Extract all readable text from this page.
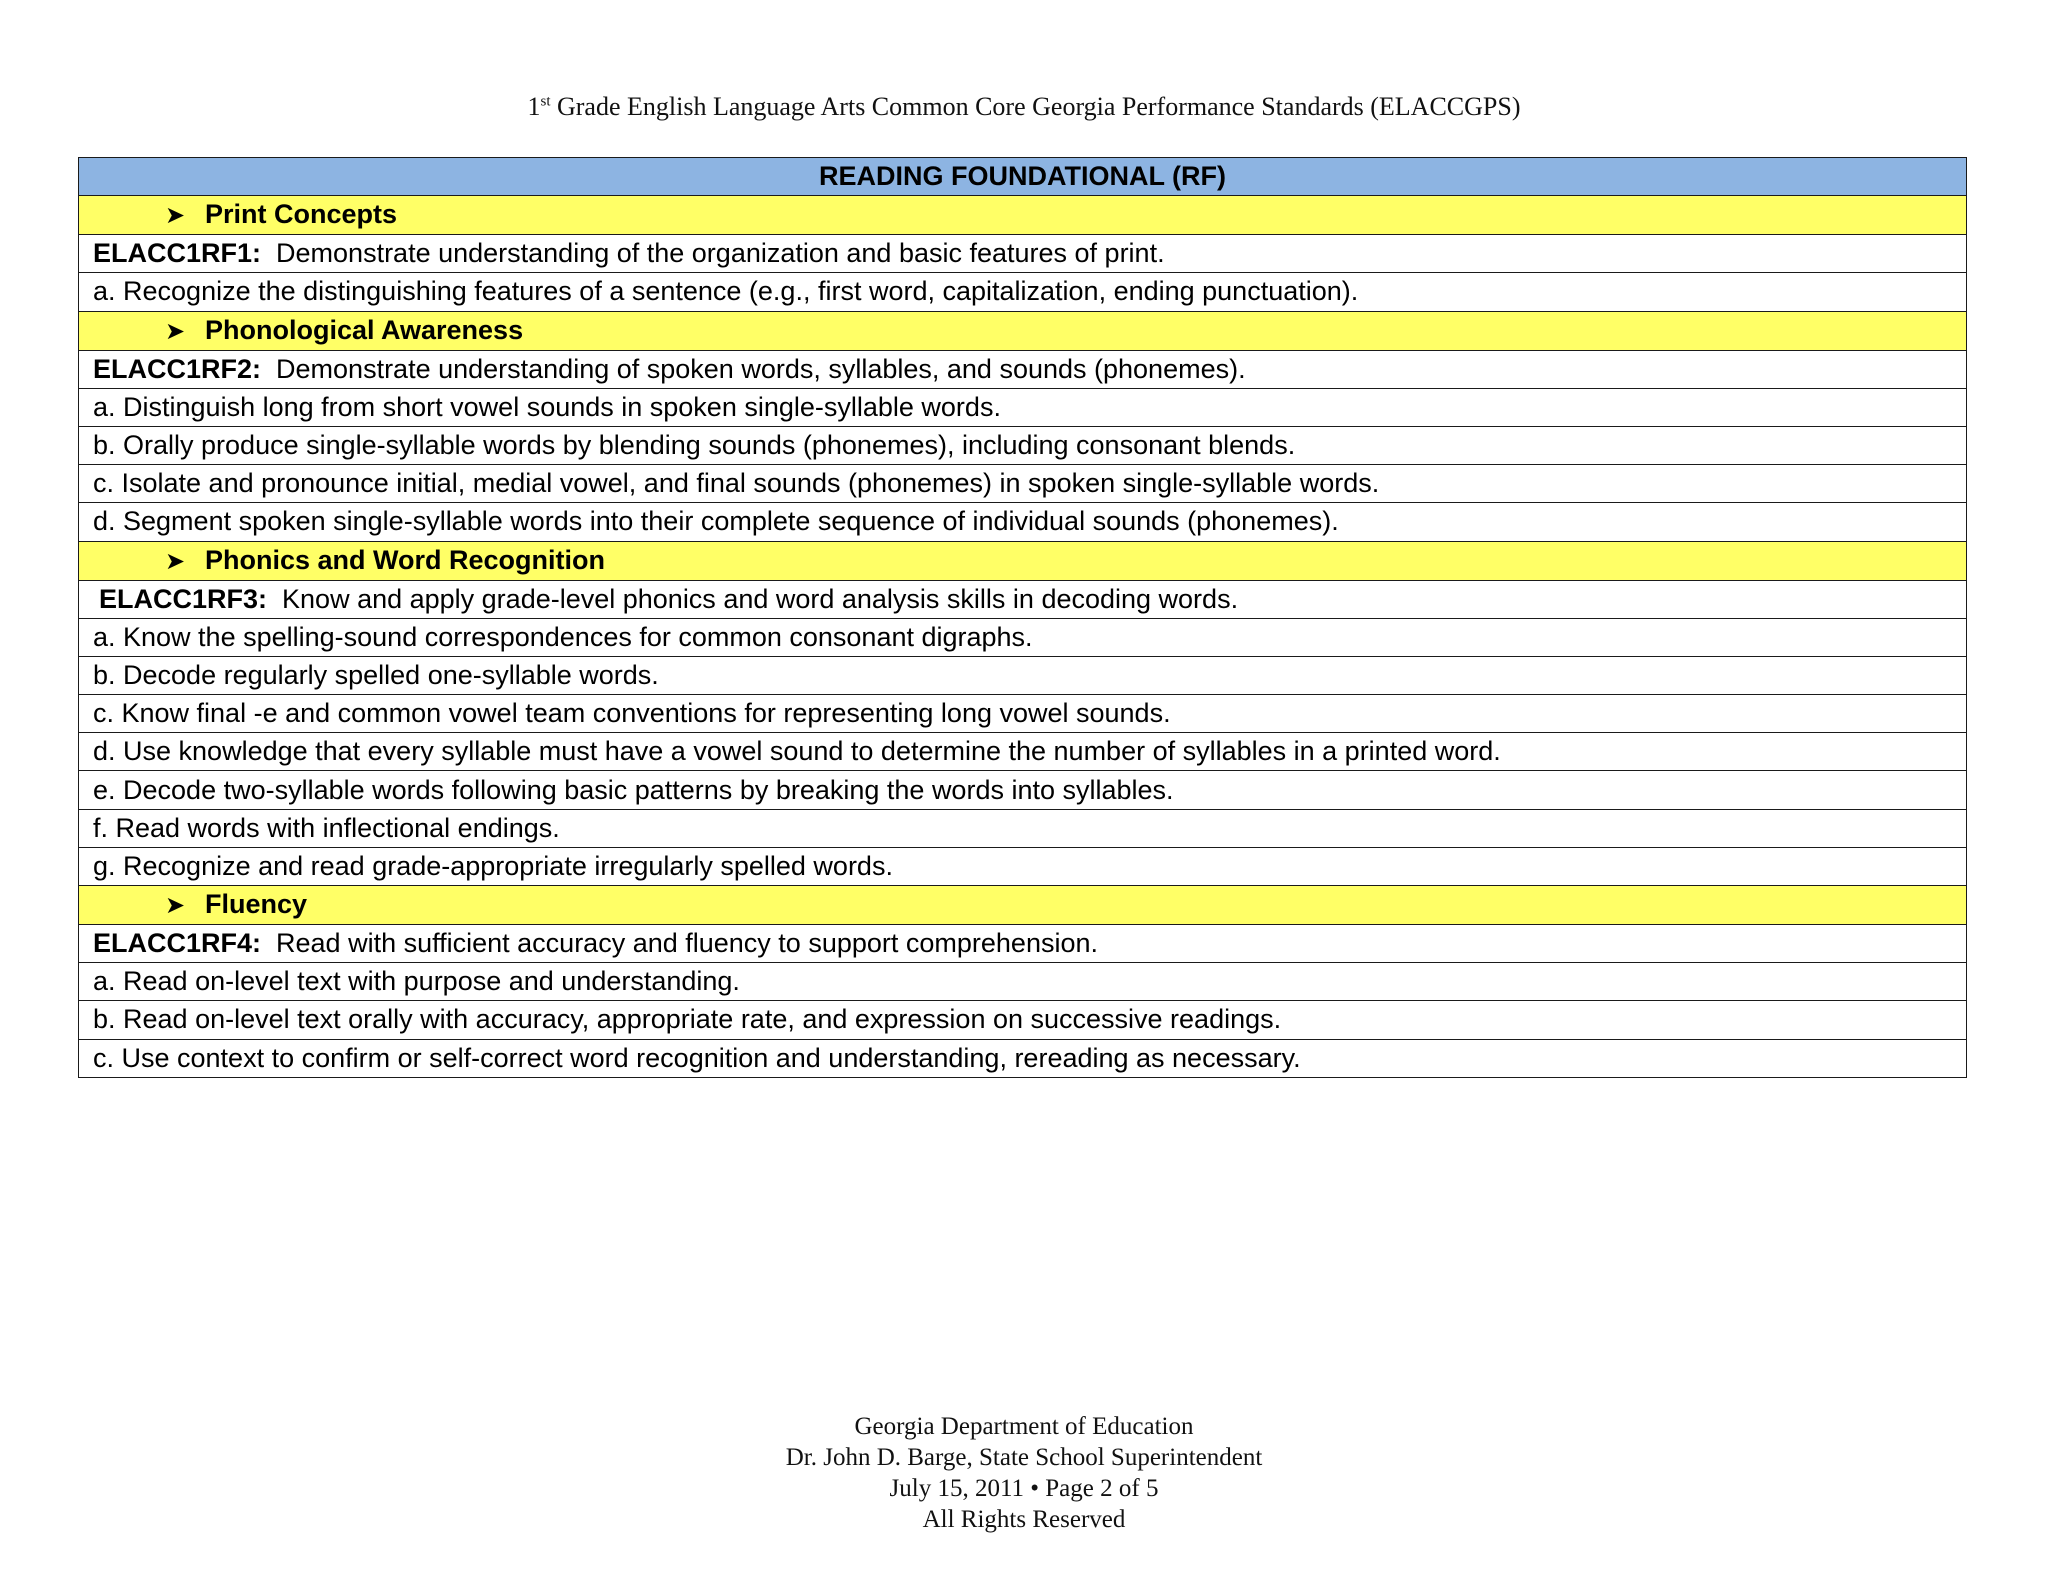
1st Grade English Language Arts Common Core Georgia Performance Standards (ELACCGPS)
READING FOUNDATIONAL (RF)
➤ Print Concepts
ELACC1RF1: Demonstrate understanding of the organization and basic features of print.
a. Recognize the distinguishing features of a sentence (e.g., first word, capitalization, ending punctuation).
➤ Phonological Awareness
ELACC1RF2: Demonstrate understanding of spoken words, syllables, and sounds (phonemes).
a. Distinguish long from short vowel sounds in spoken single-syllable words.
b. Orally produce single-syllable words by blending sounds (phonemes), including consonant blends.
c. Isolate and pronounce initial, medial vowel, and final sounds (phonemes) in spoken single-syllable words.
d. Segment spoken single-syllable words into their complete sequence of individual sounds (phonemes).
➤ Phonics and Word Recognition
ELACC1RF3: Know and apply grade-level phonics and word analysis skills in decoding words.
a. Know the spelling-sound correspondences for common consonant digraphs.
b. Decode regularly spelled one-syllable words.
c. Know final -e and common vowel team conventions for representing long vowel sounds.
d. Use knowledge that every syllable must have a vowel sound to determine the number of syllables in a printed word.
e. Decode two-syllable words following basic patterns by breaking the words into syllables.
f. Read words with inflectional endings.
g. Recognize and read grade-appropriate irregularly spelled words.
➤ Fluency
ELACC1RF4: Read with sufficient accuracy and fluency to support comprehension.
a. Read on-level text with purpose and understanding.
b. Read on-level text orally with accuracy, appropriate rate, and expression on successive readings.
c. Use context to confirm or self-correct word recognition and understanding, rereading as necessary.
Georgia Department of Education
Dr. John D. Barge, State School Superintendent
July 15, 2011 • Page 2 of 5
All Rights Reserved
